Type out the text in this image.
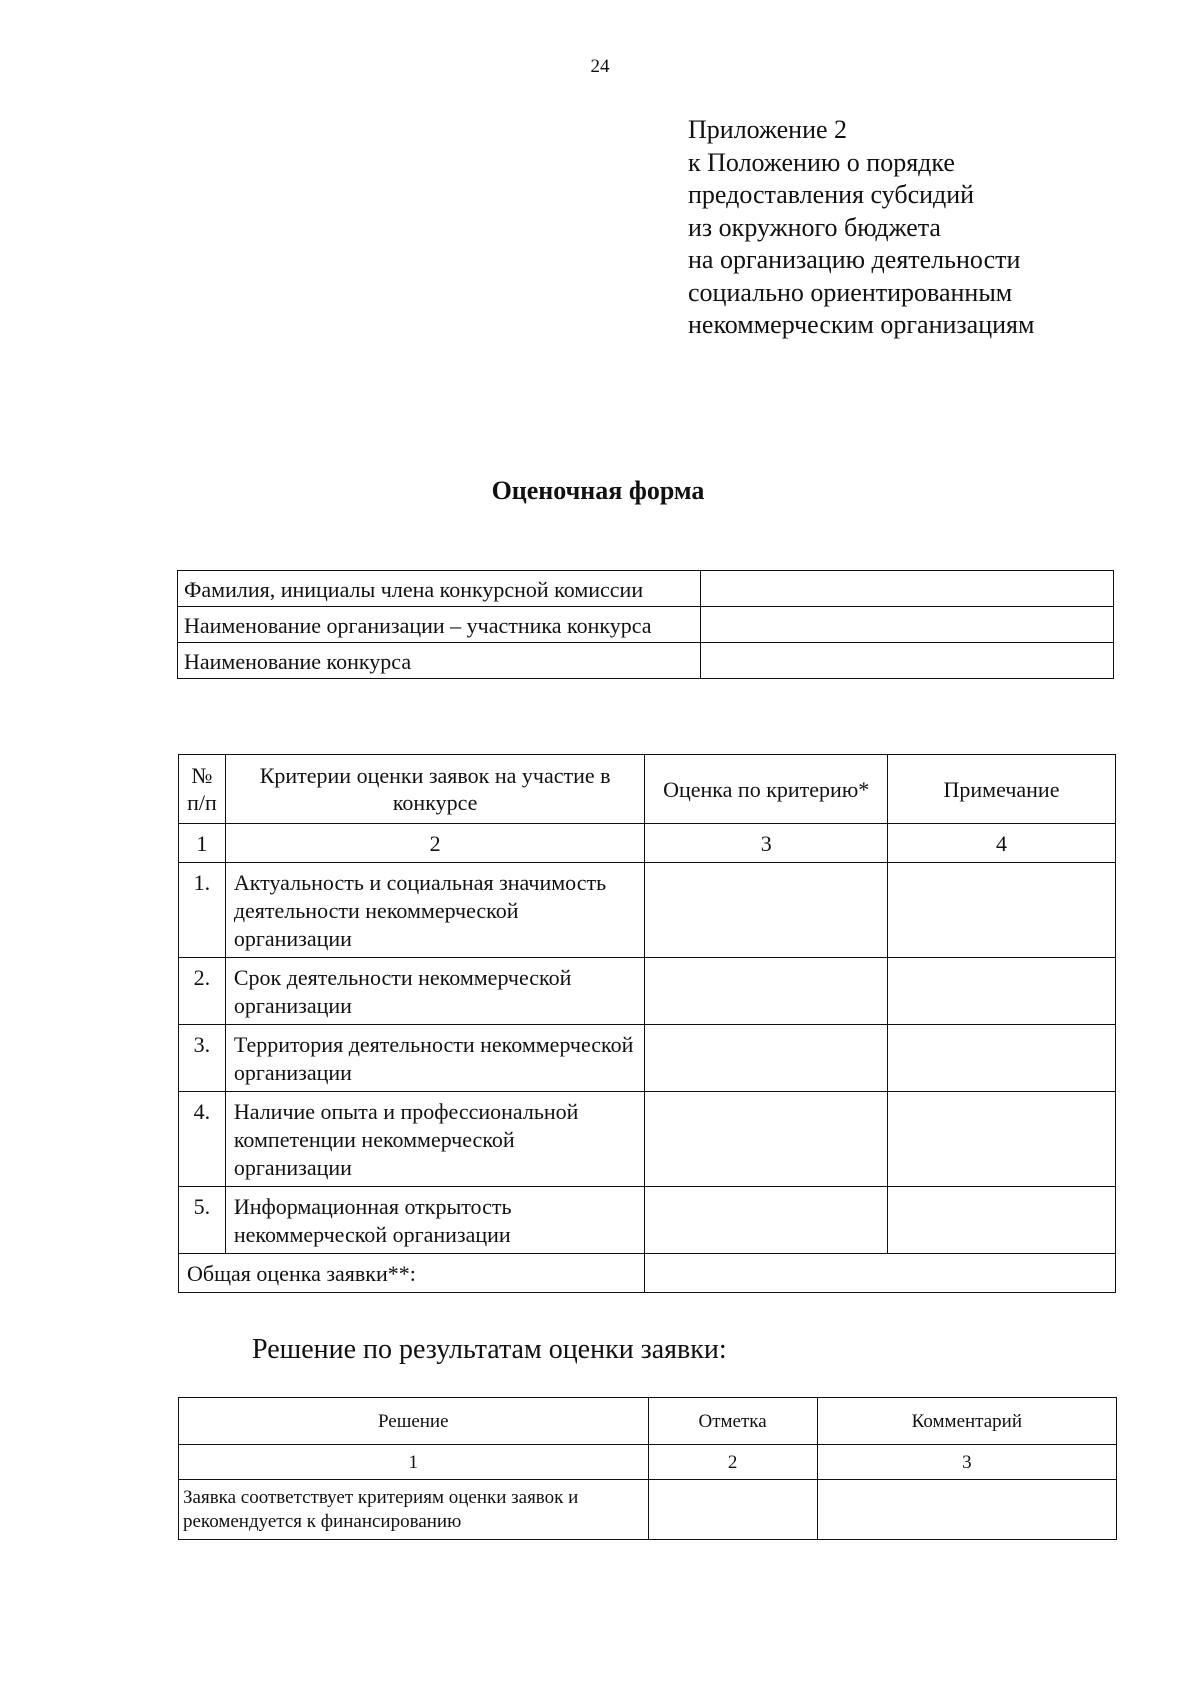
24
Приложение 2
к Положению о порядке
предоставления субсидий
из окружного бюджета
на организацию деятельности
социально ориентированным
некоммерческим организациям
Оценочная форма
Фамилия, инициалы члена конкурсной комиссии	
Наименование организации – участника конкурса	
Наименование конкурса	
№ п/п	Критерии оценки заявок на участие в конкурсе	Оценка по критерию*	Примечание
1	2	3	4
1.	Актуальность и социальная значимость деятельности некоммерческой организации		
2.	Срок деятельности некоммерческой организации		
3.	Территория деятельности некоммерческой организации		
4.	Наличие опыта и профессиональной компетенции некоммерческой организации		
5.	Информационная открытость некоммерческой организации		
Общая оценка заявки**:			
Решение по результатам оценки заявки:
Решение	Отметка	Комментарий
1	2	3
Заявка соответствует критериям оценки заявок и рекомендуется к финансированию		
